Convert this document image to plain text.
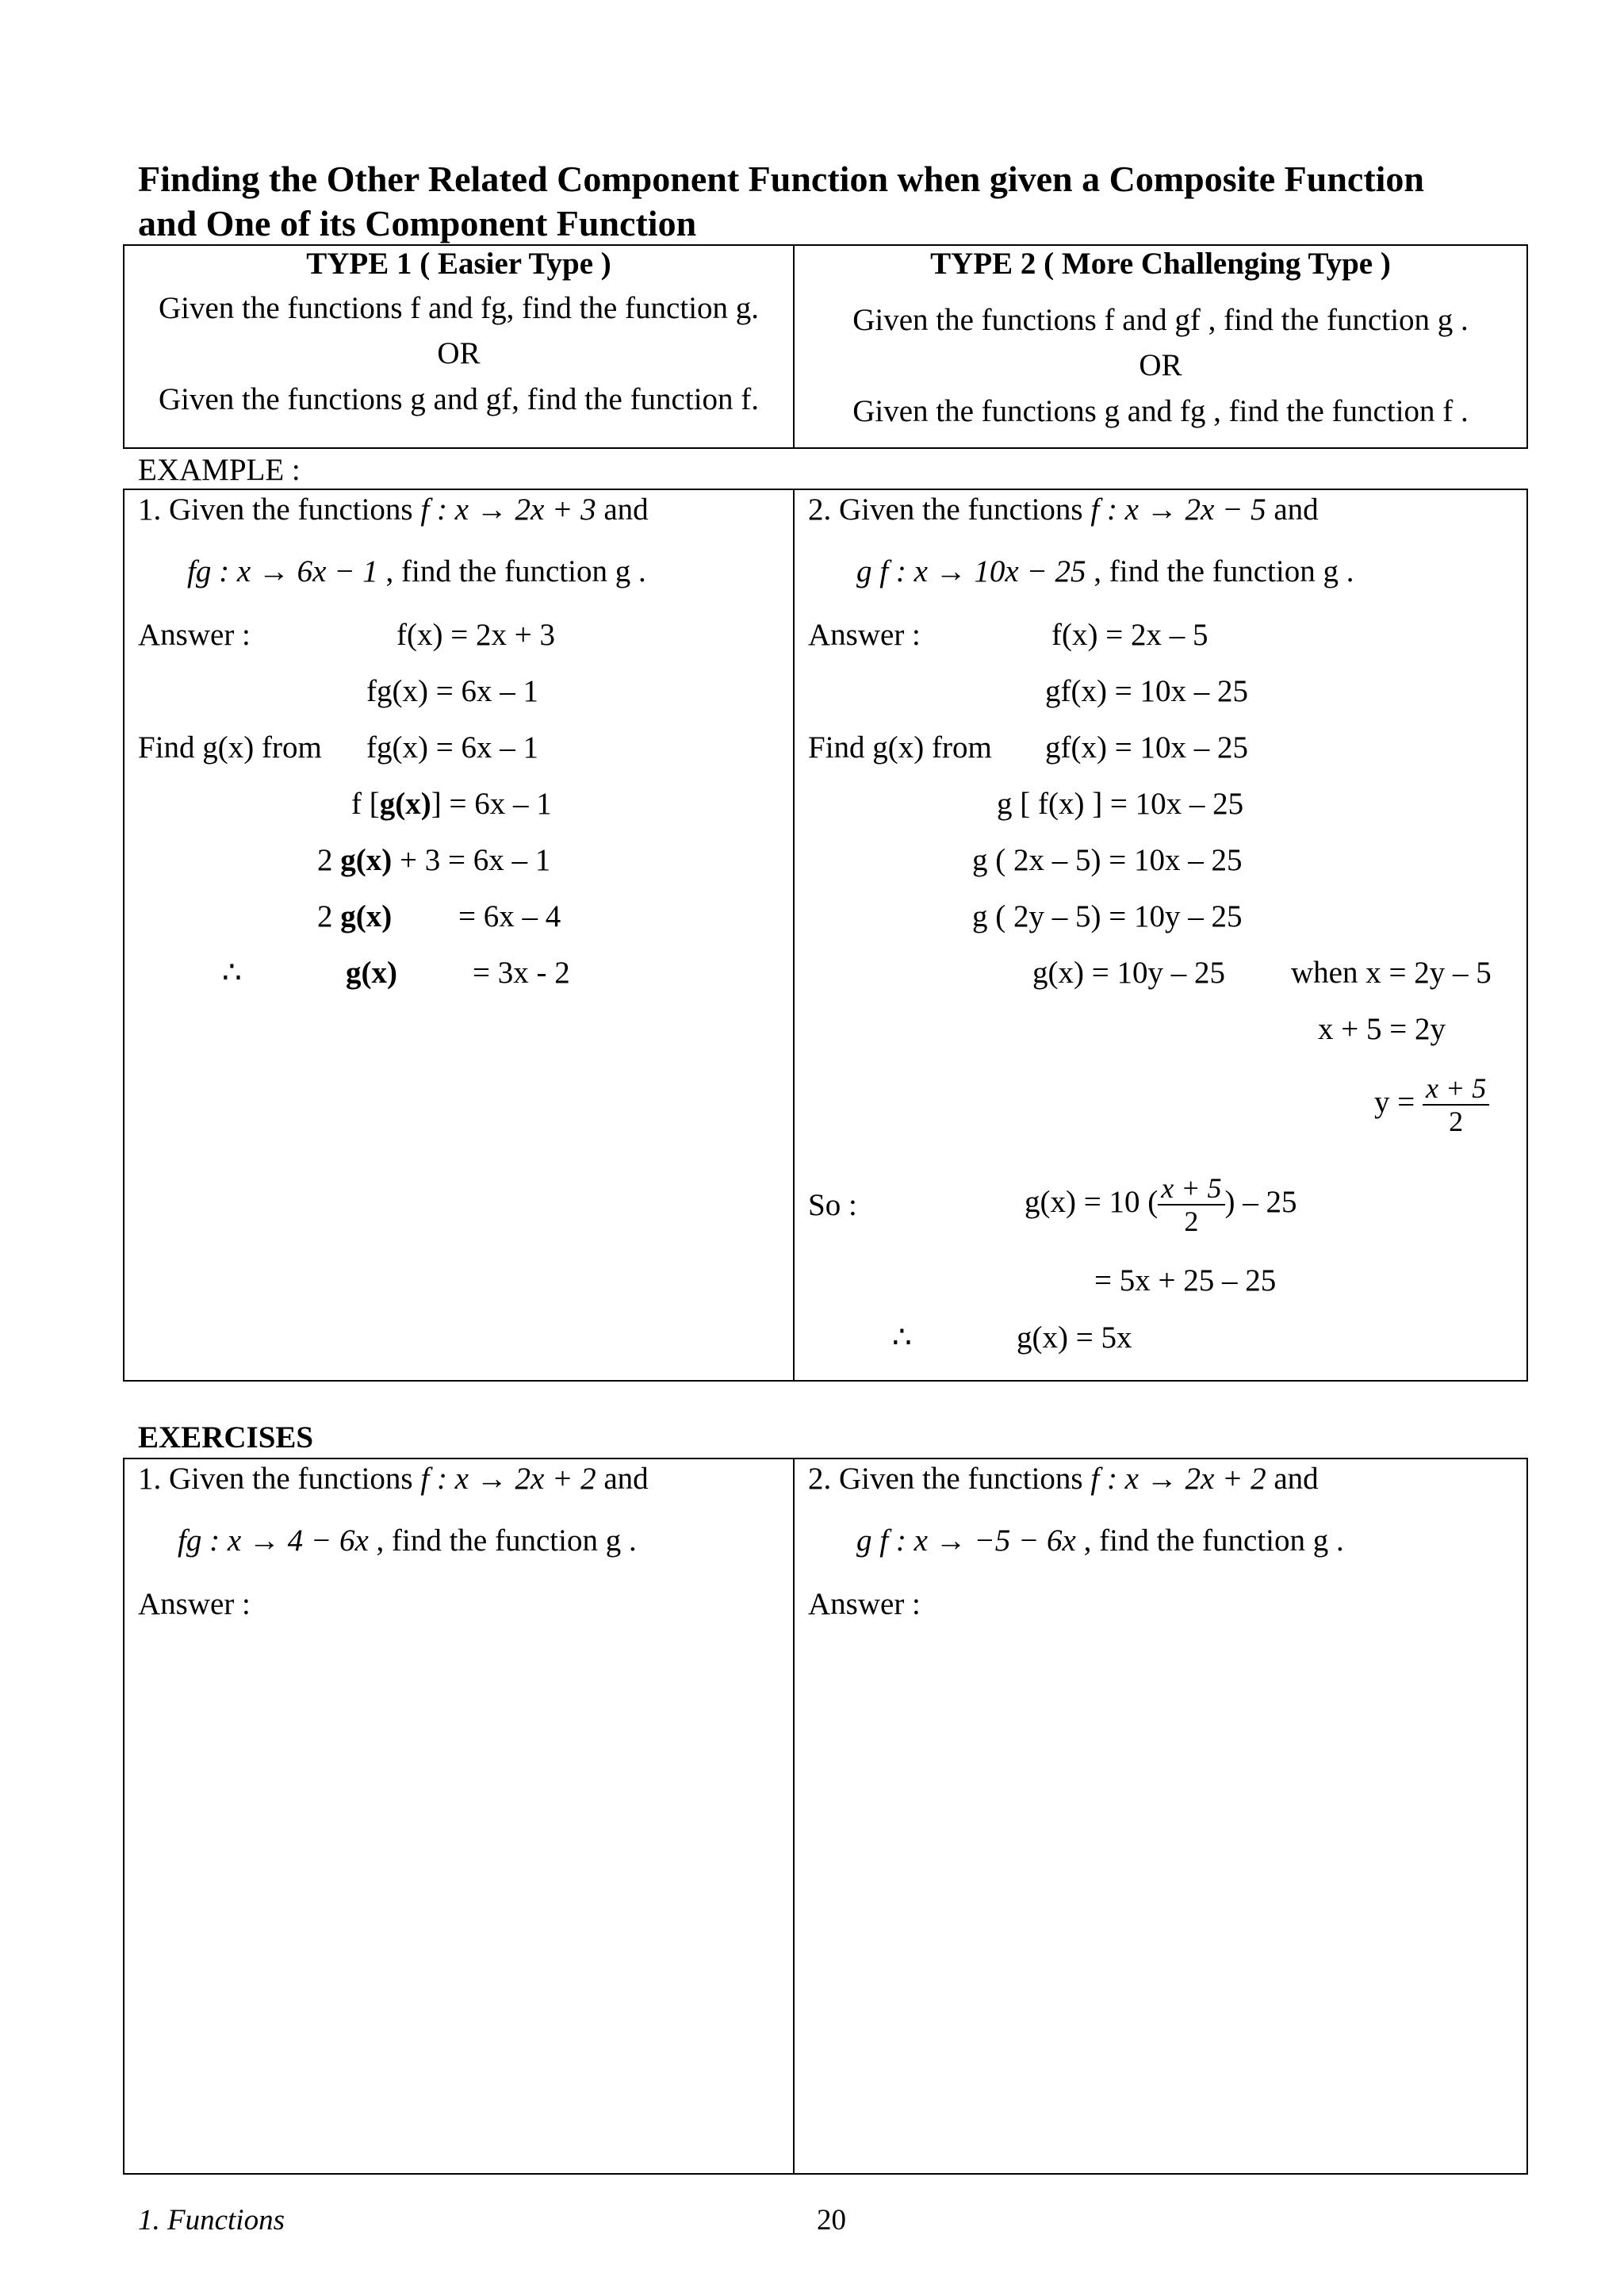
Finding the Other Related Component Function when given a Composite Function
and One of its Component Function
TYPE 1 ( Easier Type )
Given the functions f and fg, find the function g.
OR
Given the functions g and gf, find the function f.
TYPE 2 ( More Challenging Type )
Given the functions f and gf , find the function g .
OR
Given the functions g and fg , find the function f .
EXAMPLE :
1. Given the functions f : x → 2x + 3 and
fg : x → 6x − 1 , find the function g .
Answer :	f(x) = 2x + 3
fg(x) = 6x – 1
Find g(x) from fg(x) = 6x – 1
f [g(x)] = 6x – 1
2 g(x) + 3 = 6x – 1
2 g(x) = 6x – 4
∴	g(x) = 3x - 2
2. Given the functions f : x → 2x − 5 and
g f : x → 10x − 25 , find the function g .
Answer :	f(x) = 2x – 5
gf(x) = 10x – 25
Find g(x) from gf(x) = 10x – 25
g [ f(x) ] = 10x – 25
g ( 2x – 5) = 10x – 25
g ( 2y – 5) = 10y – 25
g(x) = 10y – 25 when x = 2y – 5
x + 5 = 2y
$y = \frac{x + 5}{2}$
So :	g(x) = 10 ( $\frac{x + 5}{2}$ ) – 25
= 5x + 25 – 25
∴	g(x) = 5x
EXERCISES
1. Given the functions f : x → 2x + 2 and
fg : x → 4 − 6x , find the function g .
Answer :
2. Given the functions f : x → 2x + 2 and
g f : x → −5 − 6x , find the function g .
Answer :
1. Functions	20
